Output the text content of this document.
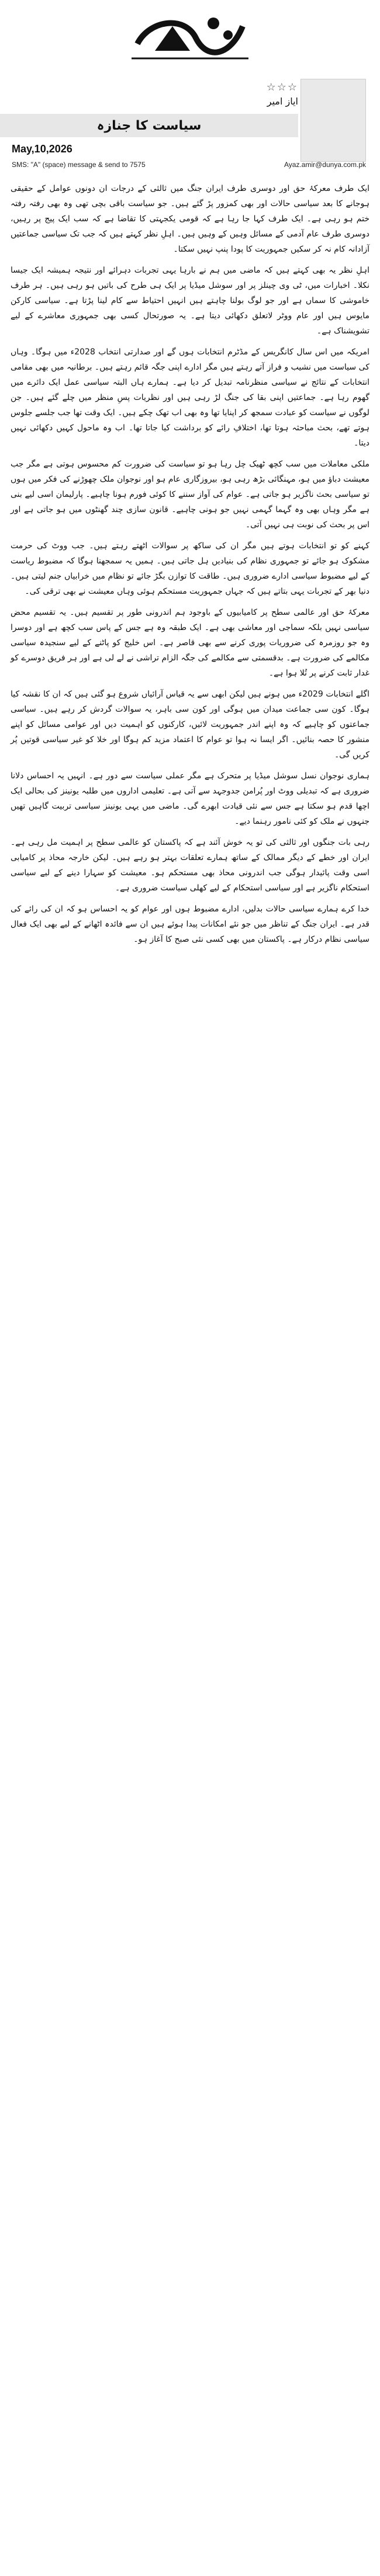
☆☆☆
ایاز امیر
سیاست کا جنازہ
May,10,2026
SMS: "A" (space) message & send to 7575	Ayaz.amir@dunya.com.pk

ایک طرف معرکۂ حق اور دوسری طرف ایران جنگ میں ثالثی کے درجات ان دونوں عوامل کے حقیقی ہوجانے کا بعد سیاسی حالات اور بھی کمزور پڑ گئے ہیں۔ جو سیاست باقی بچی تھی وہ بھی رفتہ رفتہ ختم ہو رہی ہے۔ ایک طرف کہا جا رہا ہے کہ قومی یکجہتی کا تقاضا ہے کہ سب ایک پیج پر رہیں، دوسری طرف عام آدمی کے مسائل وہیں کے وہیں ہیں۔ اہلِ نظر کہتے ہیں کہ جب تک سیاسی جماعتیں آزادانہ کام نہ کر سکیں جمہوریت کا پودا پنپ نہیں سکتا۔

اہلِ نظر یہ بھی کہتے ہیں کہ ماضی میں ہم نے بارہا یہی تجربات دہرائے اور نتیجہ ہمیشہ ایک جیسا نکلا۔ اخبارات میں، ٹی وی چینلز پر اور سوشل میڈیا پر ایک ہی طرح کی باتیں ہو رہی ہیں۔ ہر طرف خاموشی کا سماں ہے اور جو لوگ بولنا چاہتے ہیں انہیں احتیاط سے کام لینا پڑتا ہے۔ سیاسی کارکن مایوس ہیں اور عام ووٹر لاتعلق دکھائی دیتا ہے۔ یہ صورتحال کسی بھی جمہوری معاشرے کے لیے تشویشناک ہے۔

امریکہ میں اس سال کانگریس کے مڈٹرم انتخابات ہوں گے اور صدارتی انتخاب 2028ء میں ہوگا۔ وہاں کی سیاست میں نشیب و فراز آتے رہتے ہیں مگر ادارے اپنی جگہ قائم رہتے ہیں۔ برطانیہ میں بھی مقامی انتخابات کے نتائج نے سیاسی منظرنامہ تبدیل کر دیا ہے۔ ہمارے ہاں البتہ سیاسی عمل ایک دائرے میں گھوم رہا ہے۔ جماعتیں اپنی بقا کی جنگ لڑ رہی ہیں اور نظریات پسِ منظر میں چلے گئے ہیں۔ جن لوگوں نے سیاست کو عبادت سمجھ کر اپنایا تھا وہ بھی اب تھک چکے ہیں۔ ایک وقت تھا جب جلسے جلوس ہوتے تھے، بحث مباحثہ ہوتا تھا، اختلافِ رائے کو برداشت کیا جاتا تھا۔ اب وہ ماحول کہیں دکھائی نہیں دیتا۔

ملکی معاملات میں سب کچھ ٹھیک چل رہا ہو تو سیاست کی ضرورت کم محسوس ہوتی ہے مگر جب معیشت دباؤ میں ہو، مہنگائی بڑھ رہی ہو، بیروزگاری عام ہو اور نوجوان ملک چھوڑنے کی فکر میں ہوں تو سیاسی بحث ناگزیر ہو جاتی ہے۔ عوام کی آواز سننے کا کوئی فورم ہونا چاہیے۔ پارلیمان اسی لیے بنی ہے مگر وہاں بھی وہ گہما گہمی نہیں جو ہونی چاہیے۔ قانون سازی چند گھنٹوں میں ہو جاتی ہے اور اس پر بحث کی نوبت ہی نہیں آتی۔

کہنے کو تو انتخابات ہوتے ہیں مگر ان کی ساکھ پر سوالات اٹھتے رہتے ہیں۔ جب ووٹ کی حرمت مشکوک ہو جائے تو جمہوری نظام کی بنیادیں ہل جاتی ہیں۔ ہمیں یہ سمجھنا ہوگا کہ مضبوط ریاست کے لیے مضبوط سیاسی ادارے ضروری ہیں۔ طاقت کا توازن بگڑ جائے تو نظام میں خرابیاں جنم لیتی ہیں۔ دنیا بھر کے تجربات یہی بتاتے ہیں کہ جہاں جمہوریت مستحکم ہوئی وہاں معیشت نے بھی ترقی کی۔

معرکۂ حق اور عالمی سطح پر کامیابیوں کے باوجود ہم اندرونی طور پر تقسیم ہیں۔ یہ تقسیم محض سیاسی نہیں بلکہ سماجی اور معاشی بھی ہے۔ ایک طبقہ وہ ہے جس کے پاس سب کچھ ہے اور دوسرا وہ جو روزمرہ کی ضروریات پوری کرنے سے بھی قاصر ہے۔ اس خلیج کو پاٹنے کے لیے سنجیدہ سیاسی مکالمے کی ضرورت ہے۔ بدقسمتی سے مکالمے کی جگہ الزام تراشی نے لے لی ہے اور ہر فریق دوسرے کو غدار ثابت کرنے پر تُلا ہوا ہے۔

اگلے انتخابات 2029ء میں ہونے ہیں لیکن ابھی سے یہ قیاس آرائیاں شروع ہو گئی ہیں کہ ان کا نقشہ کیا ہوگا۔ کون سی جماعت میدان میں ہوگی اور کون سی باہر، یہ سوالات گردش کر رہے ہیں۔ سیاسی جماعتوں کو چاہیے کہ وہ اپنے اندر جمہوریت لائیں، کارکنوں کو اہمیت دیں اور عوامی مسائل کو اپنے منشور کا حصہ بنائیں۔ اگر ایسا نہ ہوا تو عوام کا اعتماد مزید کم ہوگا اور خلا کو غیر سیاسی قوتیں پُر کریں گی۔

ہماری نوجوان نسل سوشل میڈیا پر متحرک ہے مگر عملی سیاست سے دور ہے۔ انہیں یہ احساس دلانا ضروری ہے کہ تبدیلی ووٹ اور پُرامن جدوجہد سے آتی ہے۔ تعلیمی اداروں میں طلبہ یونینز کی بحالی ایک اچھا قدم ہو سکتا ہے جس سے نئی قیادت ابھرے گی۔ ماضی میں یہی یونینز سیاسی تربیت گاہیں تھیں جنہوں نے ملک کو کئی نامور رہنما دیے۔

رہی بات جنگوں اور ثالثی کی تو یہ خوش آئند ہے کہ پاکستان کو عالمی سطح پر اہمیت مل رہی ہے۔ ایران اور خطے کے دیگر ممالک کے ساتھ ہمارے تعلقات بہتر ہو رہے ہیں۔ لیکن خارجہ محاذ پر کامیابی اسی وقت پائیدار ہوگی جب اندرونی محاذ بھی مستحکم ہو۔ معیشت کو سہارا دینے کے لیے سیاسی استحکام ناگزیر ہے اور سیاسی استحکام کے لیے کھلی سیاست ضروری ہے۔

خدا کرے ہمارے سیاسی حالات بدلیں، ادارے مضبوط ہوں اور عوام کو یہ احساس ہو کہ ان کی رائے کی قدر ہے۔ ایران جنگ کے تناظر میں جو نئے امکانات پیدا ہوئے ہیں ان سے فائدہ اٹھانے کے لیے بھی ایک فعال سیاسی نظام درکار ہے۔ پاکستان میں بھی کسی نئی صبح کا آغاز ہو۔
